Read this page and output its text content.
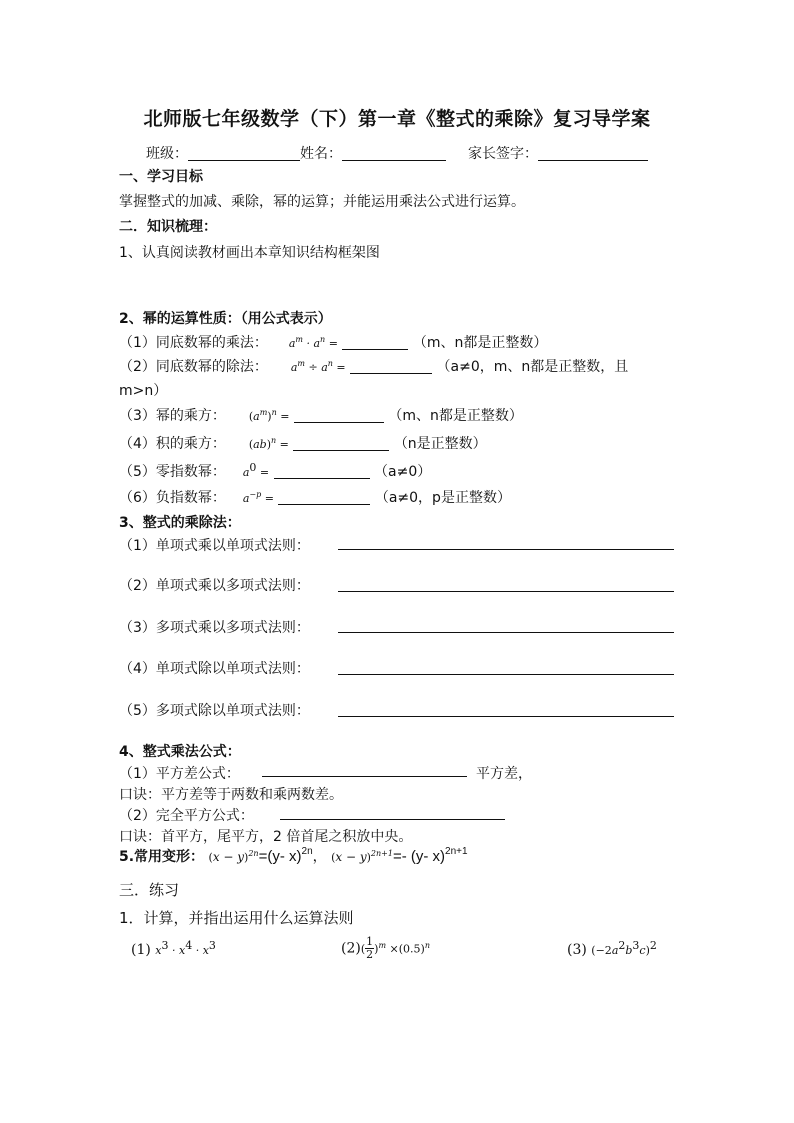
北师版七年级数学（下）第一章《整式的乘除》复习导学案
班级：	姓名：	家长签字：
一、学习目标
掌握整式的加减、乘除，幂的运算；并能运用乘法公式进行运算。
二．知识梳理：
1、认真阅读教材画出本章知识结构框架图
2、幂的运算性质：（用公式表示）
（1）同底数幂的乘法： $a^m \cdot a^n$ =	（m、n都是正整数）
（2）同底数幂的除法： $a^m \div a^n$ =	（a≠0，m、n都是正整数，且
m>n）
（3）幂的乘方： $(a^m)^n$ =	（m、n都是正整数）
（4）积的乘方： (ab)$^n$ =	（n是正整数）
（5）零指数幂： $a^0$ =	（a≠0）
（6）负指数幂： $a^{-p}$ =	（a≠0，p是正整数）
3、整式的乘除法：
（1）单项式乘以单项式法则：
（2）单项式乘以多项式法则：
（3）多项式乘以多项式法则：
（4）单项式除以单项式法则：
（5）多项式除以单项式法则：
4、整式乘法公式：
（1）平方差公式：	平方差，
口诀：平方差等于两数和乘两数差。
（2）完全平方公式：
口诀：首平方，尾平方，2 倍首尾之积放中央。
5.常用变形： $(x - y)^{2n}=(y-$ x)$^{2n}$， $(x - y)^{2n+1}=-$ (y- x)$^{2n+1}$
三．练习
1．计算，并指出运用什么运算法则
(1) $x^3 \cdot x^4 \cdot x^3$	$(2)( \frac{1}{2} )^m \times(0.5)^n$	(3) $(-2a^2b^3c)^2$
